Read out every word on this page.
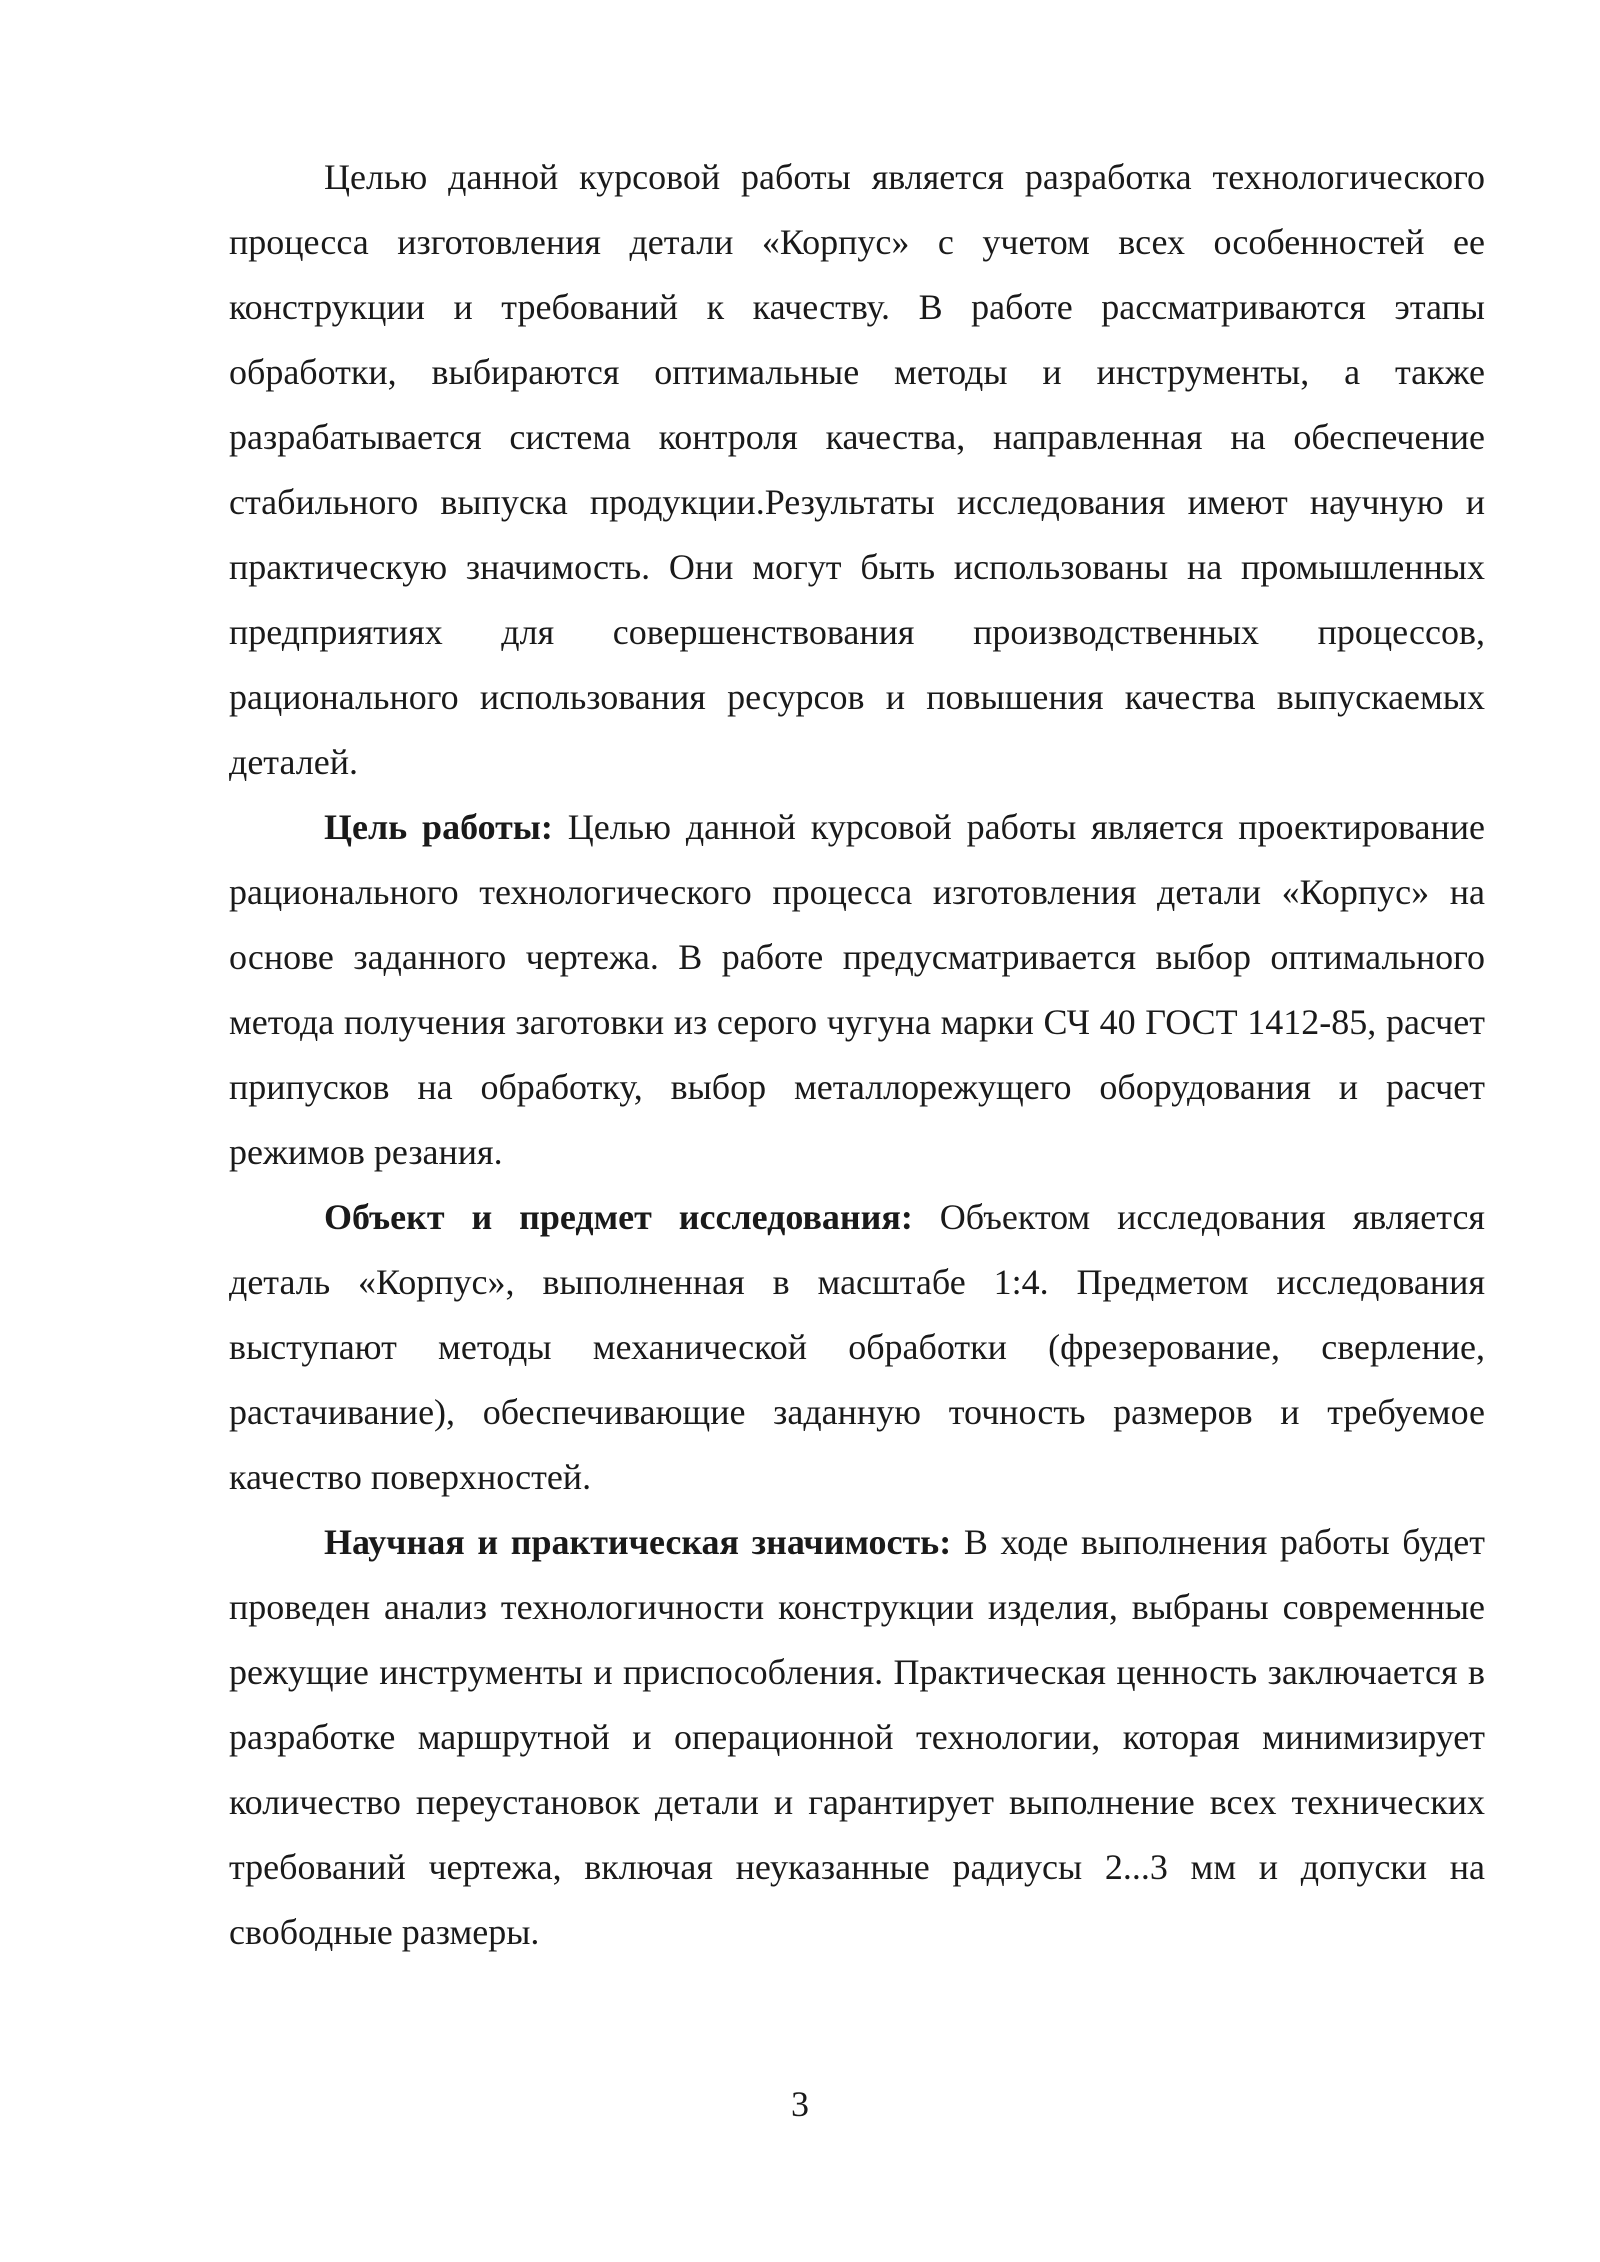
Целью данной курсовой работы является разработка технологического процесса изготовления детали «Корпус» с учетом всех особенностей ее конструкции и требований к качеству. В работе рассматриваются этапы обработки, выбираются оптимальные методы и инструменты, а также разрабатывается система контроля качества, направленная на обеспечение стабильного выпуска продукции.Результаты исследования имеют научную и практическую значимость. Они могут быть использованы на промышленных предприятиях для совершенствования производственных процессов, рационального использования ресурсов и повышения качества выпускаемых деталей.

Цель работы: Целью данной курсовой работы является проектирование рационального технологического процесса изготовления детали «Корпус» на основе заданного чертежа. В работе предусматривается выбор оптимального метода получения заготовки из серого чугуна марки СЧ 40 ГОСТ 1412-85, расчет припусков на обработку, выбор металлорежущего оборудования и расчет режимов резания.

Объект и предмет исследования: Объектом исследования является деталь «Корпус», выполненная в масштабе 1:4. Предметом исследования выступают методы механической обработки (фрезерование, сверление, растачивание), обеспечивающие заданную точность размеров и требуемое качество поверхностей.

Научная и практическая значимость: В ходе выполнения работы будет проведен анализ технологичности конструкции изделия, выбраны современные режущие инструменты и приспособления. Практическая ценность заключается в разработке маршрутной и операционной технологии, которая минимизирует количество переустановок детали и гарантирует выполнение всех технических требований чертежа, включая неуказанные радиусы 2...3 мм и допуски на свободные размеры.

3
